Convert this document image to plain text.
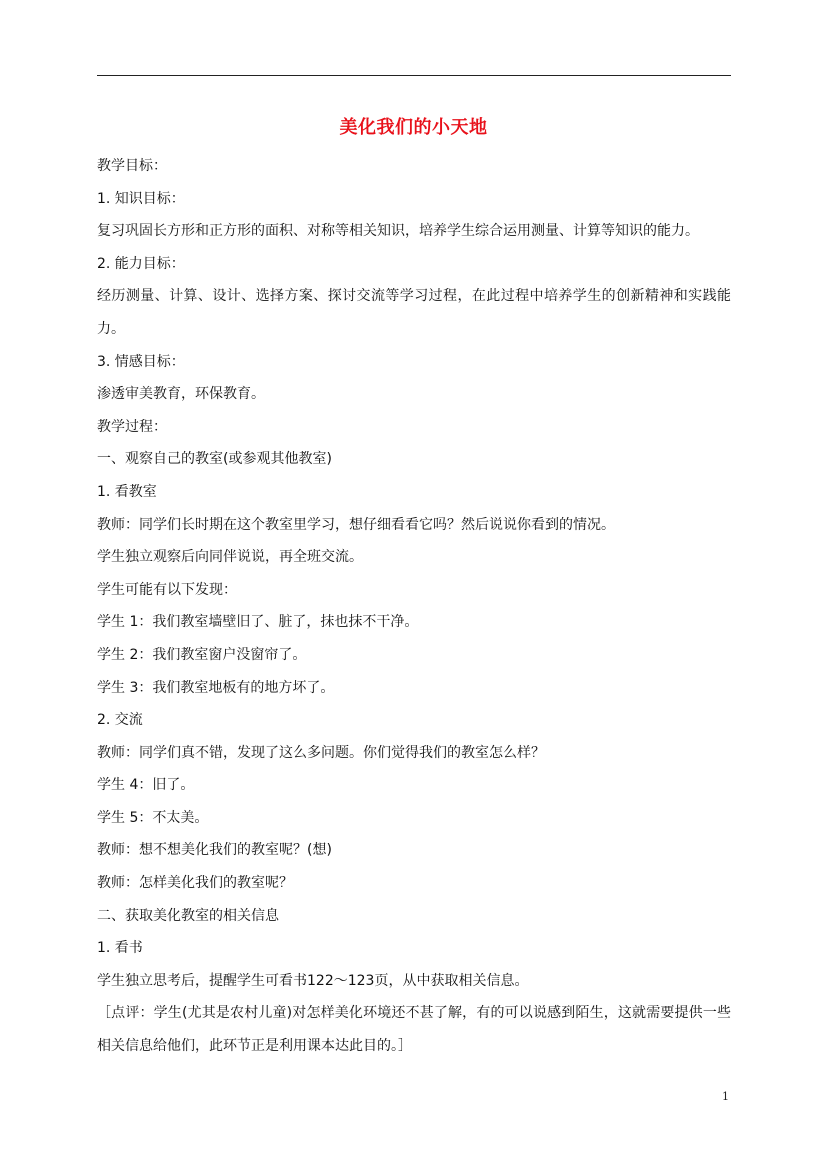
美化我们的小天地
教学目标：
1. 知识目标：
复习巩固长方形和正方形的面积、对称等相关知识，培养学生综合运用测量、计算等知识的能力。
2. 能力目标：
经历测量、计算、设计、选择方案、探讨交流等学习过程，在此过程中培养学生的创新精神和实践能力。
3. 情感目标：
渗透审美教育，环保教育。
教学过程：
一、观察自己的教室(或参观其他教室)
1. 看教室
教师：同学们长时期在这个教室里学习，想仔细看看它吗？然后说说你看到的情况。
学生独立观察后向同伴说说，再全班交流。
学生可能有以下发现：
学生 1：我们教室墙壁旧了、脏了，抹也抹不干净。
学生 2：我们教室窗户没窗帘了。
学生 3：我们教室地板有的地方坏了。
2. 交流
教师：同学们真不错，发现了这么多问题。你们觉得我们的教室怎么样？
学生 4：旧了。
学生 5：不太美。
教师：想不想美化我们的教室呢？(想)
教师：怎样美化我们的教室呢？
二、获取美化教室的相关信息
1. 看书
学生独立思考后，提醒学生可看书122～123页，从中获取相关信息。
［点评：学生(尤其是农村儿童)对怎样美化环境还不甚了解，有的可以说感到陌生，这就需要提供一些相关信息给他们，此环节正是利用课本达此目的。］
1
